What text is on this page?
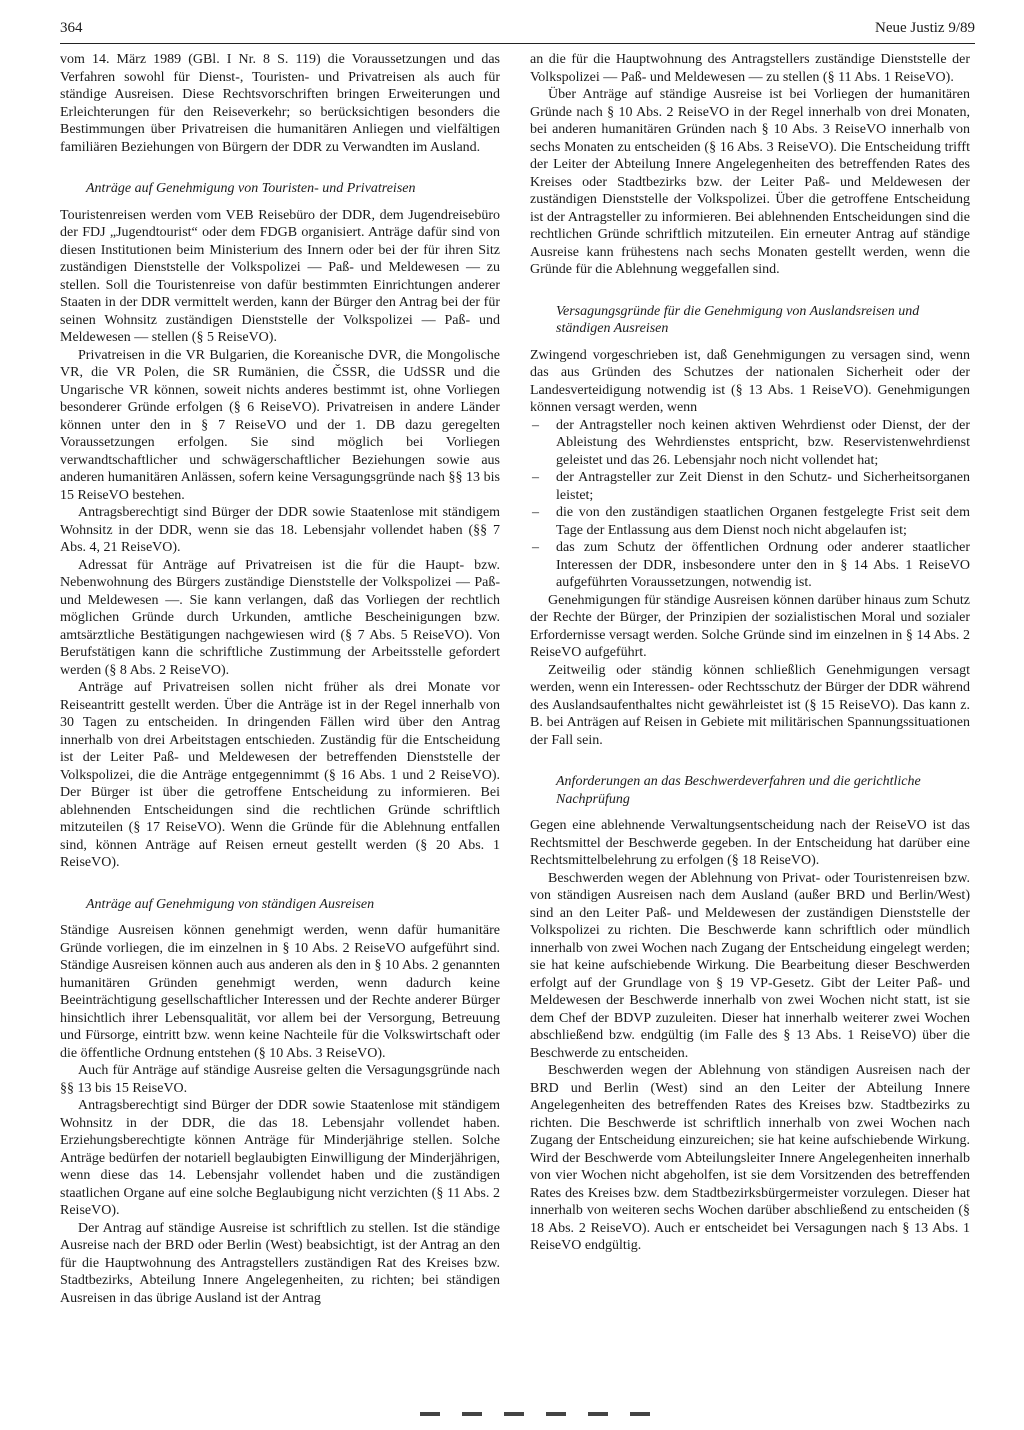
364	Neue Justiz 9/89

vom 14. März 1989 (GBl. I Nr. 8 S. 119) die Voraussetzungen und das Verfahren sowohl für Dienst-, Touristen- und Privatreisen als auch für ständige Ausreisen. Diese Rechtsvorschriften bringen Erweiterungen und Erleichterungen für den Reiseverkehr; so berücksichtigen besonders die Bestimmungen über Privatreisen die humanitären Anliegen und vielfältigen familiären Beziehungen von Bürgern der DDR zu Verwandten im Ausland.

Anträge auf Genehmigung von Touristen- und Privatreisen

Touristenreisen werden vom VEB Reisebüro der DDR, dem Jugendreisebüro der FDJ „Jugendtourist“ oder dem FDGB organisiert. Anträge dafür sind von diesen Institutionen beim Ministerium des Innern oder bei der für ihren Sitz zuständigen Dienststelle der Volkspolizei — Paß- und Meldewesen — zu stellen. Soll die Touristenreise von dafür bestimmten Einrichtungen anderer Staaten in der DDR vermittelt werden, kann der Bürger den Antrag bei der für seinen Wohnsitz zuständigen Dienststelle der Volkspolizei — Paß- und Meldewesen — stellen (§ 5 ReiseVO).

Privatreisen in die VR Bulgarien, die Koreanische DVR, die Mongolische VR, die VR Polen, die SR Rumänien, die ČSSR, die UdSSR und die Ungarische VR können, soweit nichts anderes bestimmt ist, ohne Vorliegen besonderer Gründe erfolgen (§ 6 ReiseVO). Privatreisen in andere Länder können unter den in § 7 ReiseVO und der 1. DB dazu geregelten Voraussetzungen erfolgen. Sie sind möglich bei Vorliegen verwandtschaftlicher und schwägerschaftlicher Beziehungen sowie aus anderen humanitären Anlässen, sofern keine Versagungsgründe nach §§ 13 bis 15 ReiseVO bestehen.

Antragsberechtigt sind Bürger der DDR sowie Staatenlose mit ständigem Wohnsitz in der DDR, wenn sie das 18. Lebensjahr vollendet haben (§§ 7 Abs. 4, 21 ReiseVO).

Adressat für Anträge auf Privatreisen ist die für die Haupt- bzw. Nebenwohnung des Bürgers zuständige Dienststelle der Volkspolizei — Paß- und Meldewesen —. Sie kann verlangen, daß das Vorliegen der rechtlich möglichen Gründe durch Urkunden, amtliche Bescheinigungen bzw. amtsärztliche Bestätigungen nachgewiesen wird (§ 7 Abs. 5 ReiseVO). Von Berufstätigen kann die schriftliche Zustimmung der Arbeitsstelle gefordert werden (§ 8 Abs. 2 ReiseVO).

Anträge auf Privatreisen sollen nicht früher als drei Monate vor Reiseantritt gestellt werden. Über die Anträge ist in der Regel innerhalb von 30 Tagen zu entscheiden. In dringenden Fällen wird über den Antrag innerhalb von drei Arbeitstagen entschieden. Zuständig für die Entscheidung ist der Leiter Paß- und Meldewesen der betreffenden Dienststelle der Volkspolizei, die die Anträge entgegennimmt (§ 16 Abs. 1 und 2 ReiseVO). Der Bürger ist über die getroffene Entscheidung zu informieren. Bei ablehnenden Entscheidungen sind die rechtlichen Gründe schriftlich mitzuteilen (§ 17 ReiseVO). Wenn die Gründe für die Ablehnung entfallen sind, können Anträge auf Reisen erneut gestellt werden (§ 20 Abs. 1 ReiseVO).

Anträge auf Genehmigung von ständigen Ausreisen

Ständige Ausreisen können genehmigt werden, wenn dafür humanitäre Gründe vorliegen, die im einzelnen in § 10 Abs. 2 ReiseVO aufgeführt sind. Ständige Ausreisen können auch aus anderen als den in § 10 Abs. 2 genannten humanitären Gründen genehmigt werden, wenn dadurch keine Beeinträchtigung gesellschaftlicher Interessen und der Rechte anderer Bürger hinsichtlich ihrer Lebensqualität, vor allem bei der Versorgung, Betreuung und Fürsorge, eintritt bzw. wenn keine Nachteile für die Volkswirtschaft oder die öffentliche Ordnung entstehen (§ 10 Abs. 3 ReiseVO).

Auch für Anträge auf ständige Ausreise gelten die Versagungsgründe nach §§ 13 bis 15 ReiseVO.

Antragsberechtigt sind Bürger der DDR sowie Staatenlose mit ständigem Wohnsitz in der DDR, die das 18. Lebensjahr vollendet haben. Erziehungsberechtigte können Anträge für Minderjährige stellen. Solche Anträge bedürfen der notariell beglaubigten Einwilligung der Minderjährigen, wenn diese das 14. Lebensjahr vollendet haben und die zuständigen staatlichen Organe auf eine solche Beglaubigung nicht verzichten (§ 11 Abs. 2 ReiseVO).

Der Antrag auf ständige Ausreise ist schriftlich zu stellen. Ist die ständige Ausreise nach der BRD oder Berlin (West) beabsichtigt, ist der Antrag an den für die Hauptwohnung des Antragstellers zuständigen Rat des Kreises bzw. Stadtbezirks, Abteilung Innere Angelegenheiten, zu richten; bei ständigen Ausreisen in das übrige Ausland ist der Antrag

an die für die Hauptwohnung des Antragstellers zuständige Dienststelle der Volkspolizei — Paß- und Meldewesen — zu stellen (§ 11 Abs. 1 ReiseVO).

Über Anträge auf ständige Ausreise ist bei Vorliegen der humanitären Gründe nach § 10 Abs. 2 ReiseVO in der Regel innerhalb von drei Monaten, bei anderen humanitären Gründen nach § 10 Abs. 3 ReiseVO innerhalb von sechs Monaten zu entscheiden (§ 16 Abs. 3 ReiseVO). Die Entscheidung trifft der Leiter der Abteilung Innere Angelegenheiten des betreffenden Rates des Kreises oder Stadtbezirks bzw. der Leiter Paß- und Meldewesen der zuständigen Dienststelle der Volkspolizei. Über die getroffene Entscheidung ist der Antragsteller zu informieren. Bei ablehnenden Entscheidungen sind die rechtlichen Gründe schriftlich mitzuteilen. Ein erneuter Antrag auf ständige Ausreise kann frühestens nach sechs Monaten gestellt werden, wenn die Gründe für die Ablehnung weggefallen sind.

Versagungsgründe für die Genehmigung von Auslandsreisen und ständigen Ausreisen

Zwingend vorgeschrieben ist, daß Genehmigungen zu versagen sind, wenn das aus Gründen des Schutzes der nationalen Sicherheit oder der Landesverteidigung notwendig ist (§ 13 Abs. 1 ReiseVO). Genehmigungen können versagt werden, wenn

– der Antragsteller noch keinen aktiven Wehrdienst oder Dienst, der der Ableistung des Wehrdienstes entspricht, bzw. Reservistenwehrdienst geleistet und das 26. Lebensjahr noch nicht vollendet hat;
– der Antragsteller zur Zeit Dienst in den Schutz- und Sicherheitsorganen leistet;
– die von den zuständigen staatlichen Organen festgelegte Frist seit dem Tage der Entlassung aus dem Dienst noch nicht abgelaufen ist;
– das zum Schutz der öffentlichen Ordnung oder anderer staatlicher Interessen der DDR, insbesondere unter den in § 14 Abs. 1 ReiseVO aufgeführten Voraussetzungen, notwendig ist.

Genehmigungen für ständige Ausreisen können darüber hinaus zum Schutz der Rechte der Bürger, der Prinzipien der sozialistischen Moral und sozialer Erfordernisse versagt werden. Solche Gründe sind im einzelnen in § 14 Abs. 2 ReiseVO aufgeführt.

Zeitweilig oder ständig können schließlich Genehmigungen versagt werden, wenn ein Interessen- oder Rechtsschutz der Bürger der DDR während des Auslandsaufenthaltes nicht gewährleistet ist (§ 15 ReiseVO). Das kann z. B. bei Anträgen auf Reisen in Gebiete mit militärischen Spannungssituationen der Fall sein.

Anforderungen an das Beschwerdeverfahren und die gerichtliche Nachprüfung

Gegen eine ablehnende Verwaltungsentscheidung nach der ReiseVO ist das Rechtsmittel der Beschwerde gegeben. In der Entscheidung hat darüber eine Rechtsmittelbelehrung zu erfolgen (§ 18 ReiseVO).

Beschwerden wegen der Ablehnung von Privat- oder Touristenreisen bzw. von ständigen Ausreisen nach dem Ausland (außer BRD und Berlin/West) sind an den Leiter Paß- und Meldewesen der zuständigen Dienststelle der Volkspolizei zu richten. Die Beschwerde kann schriftlich oder mündlich innerhalb von zwei Wochen nach Zugang der Entscheidung eingelegt werden; sie hat keine aufschiebende Wirkung. Die Bearbeitung dieser Beschwerden erfolgt auf der Grundlage von § 19 VP-Gesetz. Gibt der Leiter Paß- und Meldewesen der Beschwerde innerhalb von zwei Wochen nicht statt, ist sie dem Chef der BDVP zuzuleiten. Dieser hat innerhalb weiterer zwei Wochen abschließend bzw. endgültig (im Falle des § 13 Abs. 1 ReiseVO) über die Beschwerde zu entscheiden.

Beschwerden wegen der Ablehnung von ständigen Ausreisen nach der BRD und Berlin (West) sind an den Leiter der Abteilung Innere Angelegenheiten des betreffenden Rates des Kreises bzw. Stadtbezirks zu richten. Die Beschwerde ist schriftlich innerhalb von zwei Wochen nach Zugang der Entscheidung einzureichen; sie hat keine aufschiebende Wirkung. Wird der Beschwerde vom Abteilungsleiter Innere Angelegenheiten innerhalb von vier Wochen nicht abgeholfen, ist sie dem Vorsitzenden des betreffenden Rates des Kreises bzw. dem Stadtbezirksbürgermeister vorzulegen. Dieser hat innerhalb von weiteren sechs Wochen darüber abschließend zu entscheiden (§ 18 Abs. 2 ReiseVO). Auch er entscheidet bei Versagungen nach § 13 Abs. 1 ReiseVO endgültig.
